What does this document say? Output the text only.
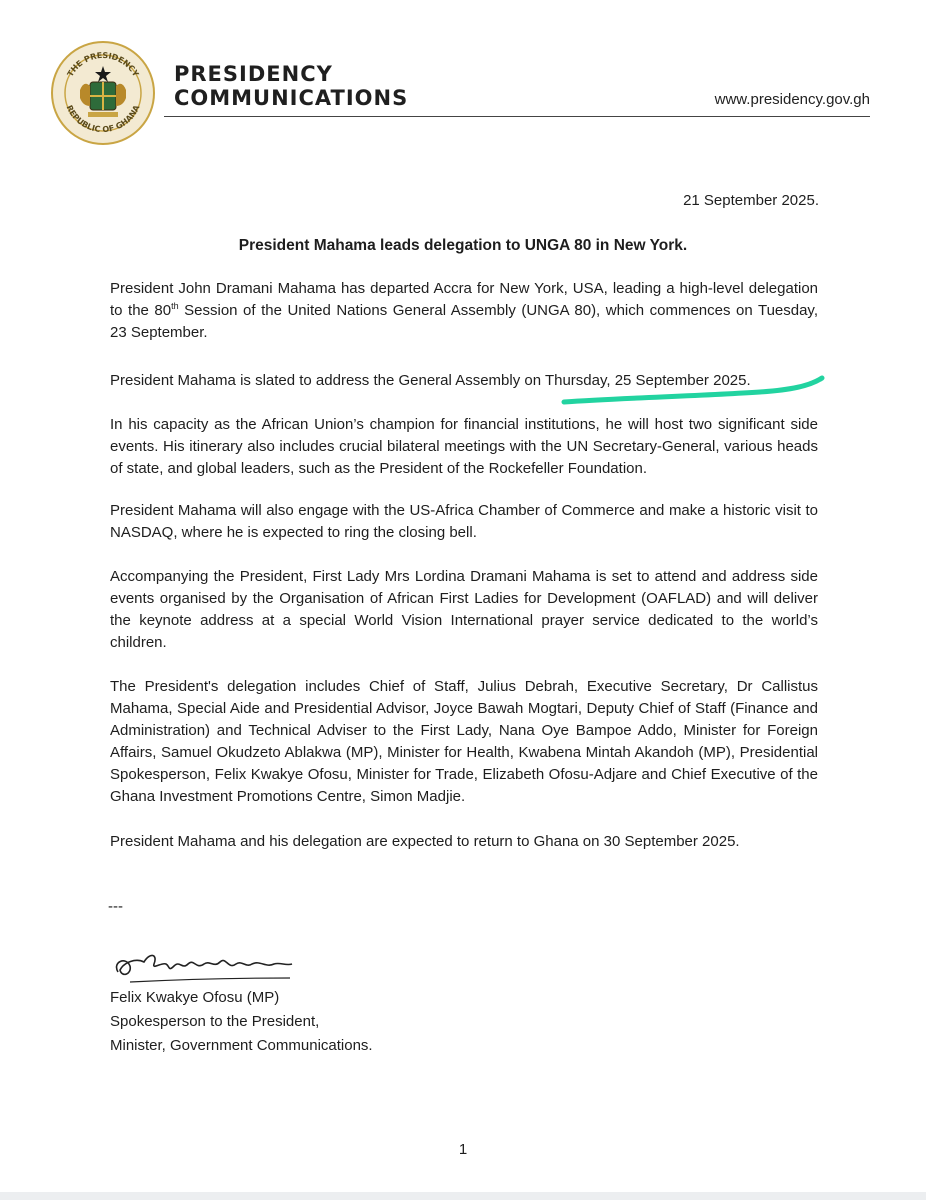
THE PRESIDENCY
REPUBLIC OF GHANA
PRESIDENCY
COMMUNICATIONS	www.presidency.gov.gh
21 September 2025.
President Mahama leads delegation to UNGA 80 in New York.

President John Dramani Mahama has departed Accra for New York, USA, leading a high-level delegation to the 80th Session of the United Nations General Assembly (UNGA 80), which commences on Tuesday, 23 September.

President Mahama is slated to address the General Assembly on Thursday, 25 September 2025.

In his capacity as the African Union’s champion for financial institutions, he will host two significant side events. His itinerary also includes crucial bilateral meetings with the UN Secretary-General, various heads of state, and global leaders, such as the President of the Rockefeller Foundation.

President Mahama will also engage with the US-Africa Chamber of Commerce and make a historic visit to NASDAQ, where he is expected to ring the closing bell.

Accompanying the President, First Lady Mrs Lordina Dramani Mahama is set to attend and address side events organised by the Organisation of African First Ladies for Development (OAFLAD) and will deliver the keynote address at a special World Vision International prayer service dedicated to the world’s children.

The President's delegation includes Chief of Staff, Julius Debrah, Executive Secretary, Dr Callistus Mahama, Special Aide and Presidential Advisor, Joyce Bawah Mogtari, Deputy Chief of Staff (Finance and Administration) and Technical Adviser to the First Lady, Nana Oye Bampoe Addo, Minister for Foreign Affairs, Samuel Okudzeto Ablakwa (MP), Minister for Health, Kwabena Mintah Akandoh (MP), Presidential Spokesperson, Felix Kwakye Ofosu, Minister for Trade, Elizabeth Ofosu-Adjare and Chief Executive of the Ghana Investment Promotions Centre, Simon Madjie.

President Mahama and his delegation are expected to return to Ghana on 30 September 2025.

---
Felix Kwakye Ofosu (MP)
Spokesperson to the President,
Minister, Government Communications.
1
